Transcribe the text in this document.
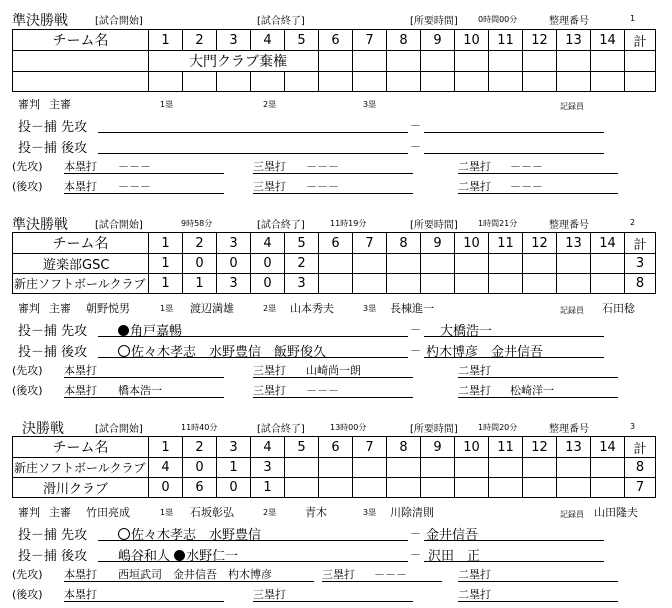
準決勝戦	[試合開始]	[試合終了]	[所要時間]	0時間00分	整理番号	1
チーム名	1	2	3	4	5	6	7	8	9	10	11	12	13	14	計
	大門クラブ棄権														

審判 主審	1塁	2塁	3塁	記録員
投－捕 先攻	－
投－捕 後攻	－
(先攻) 本塁打 －－－	三塁打 －－－	二塁打 －－－
(後攻) 本塁打 －－－	三塁打 －－－	二塁打 －－－
準決勝戦	[試合開始]	9時58分	[試合終了]	11時19分	[所要時間]	1時間21分	整理番号	2
チーム名	1	2	3	4	5	6	7	8	9	10	11	12	13	14	計
遊楽部GSC	1	0	0	0	2										3
新庄ソフトボールクラブ	1	1	3	0	3										8
審判 主審 朝野悦男	1塁 渡辺満雄	2塁 山本秀夫	3塁 長棟進一	記録員 石田稔
投－捕 先攻	角戸嘉暢	－ 大橋浩一
投－捕 後攻	佐々木孝志　水野豊信　飯野俊久	－ 杓木博彦　金井信吾
(先攻) 本塁打	三塁打 山崎尚一朗	二塁打
(後攻) 本塁打 橋本浩一	三塁打 －－－	二塁打 松崎洋一
決勝戦	[試合開始]	11時40分	[試合終了]	13時00分	[所要時間]	1時間20分	整理番号	3
チーム名	1	2	3	4	5	6	7	8	9	10	11	12	13	14	計
新庄ソフトボールクラブ	4	0	1	3											8
滑川クラブ	0	6	0	1											7
審判 主審 竹田亮成	1塁 石坂彰弘	2塁	青木	3塁 川除清則	記録員 山田隆夫
投－捕 先攻	佐々木孝志　水野豊信	－ 金井信吾
投－捕 後攻 嶋谷和人 水野仁一	－ 沢田　正
(先攻) 本塁打 西垣武司　金井信吾　杓木博彦	三塁打 －－－	二塁打
(後攻) 本塁打	三塁打	二塁打
